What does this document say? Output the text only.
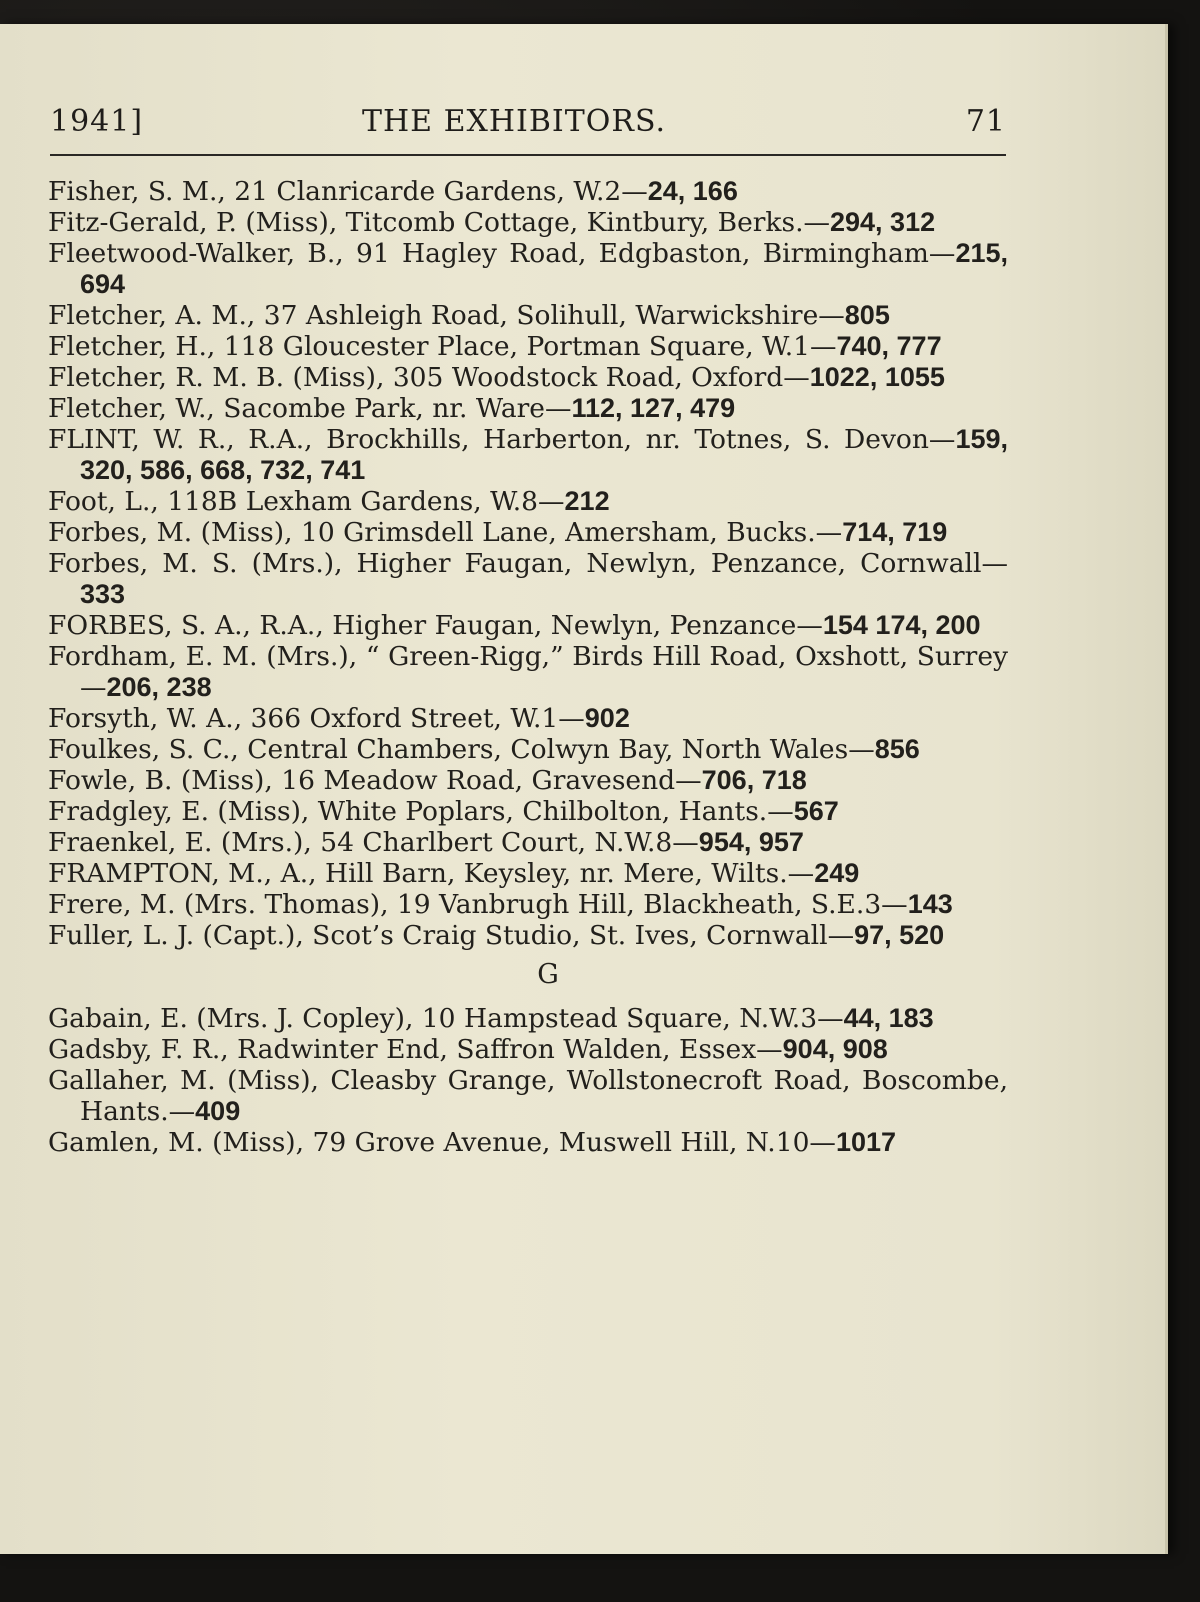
1941]	THE EXHIBITORS.	71
Fisher, S. M., 21 Clanricarde Gardens, W.2—24, 166
Fitz-Gerald, P. (Miss), Titcomb Cottage, Kintbury, Berks.—294, 312
Fleetwood-Walker, B., 91 Hagley Road, Edgbaston, Birmingham—215, 694
Fletcher, A. M., 37 Ashleigh Road, Solihull, Warwickshire—805
Fletcher, H., 118 Gloucester Place, Portman Square, W.1—740, 777
Fletcher, R. M. B. (Miss), 305 Woodstock Road, Oxford—1022, 1055
Fletcher, W., Sacombe Park, nr. Ware—112, 127, 479
FLINT, W. R., R.A., Brockhills, Harberton, nr. Totnes, S. Devon—159, 320, 586, 668, 732, 741
Foot, L., 118B Lexham Gardens, W.8—212
Forbes, M. (Miss), 10 Grimsdell Lane, Amersham, Bucks.—714, 719
Forbes, M. S. (Mrs.), Higher Faugan, Newlyn, Penzance, Cornwall—333
FORBES, S. A., R.A., Higher Faugan, Newlyn, Penzance—154 174, 200
Fordham, E. M. (Mrs.), “ Green-Rigg,” Birds Hill Road, Oxshott, Surrey—206, 238
Forsyth, W. A., 366 Oxford Street, W.1—902
Foulkes, S. C., Central Chambers, Colwyn Bay, North Wales—856
Fowle, B. (Miss), 16 Meadow Road, Gravesend—706, 718
Fradgley, E. (Miss), White Poplars, Chilbolton, Hants.—567
Fraenkel, E. (Mrs.), 54 Charlbert Court, N.W.8—954, 957
FRAMPTON, M., A., Hill Barn, Keysley, nr. Mere, Wilts.—249
Frere, M. (Mrs. Thomas), 19 Vanbrugh Hill, Blackheath, S.E.3—143
Fuller, L. J. (Capt.), Scot’s Craig Studio, St. Ives, Cornwall—97, 520
G
Gabain, E. (Mrs. J. Copley), 10 Hampstead Square, N.W.3—44, 183
Gadsby, F. R., Radwinter End, Saffron Walden, Essex—904, 908
Gallaher, M. (Miss), Cleasby Grange, Wollstonecroft Road, Boscombe, Hants.—409
Gamlen, M. (Miss), 79 Grove Avenue, Muswell Hill, N.10—1017
